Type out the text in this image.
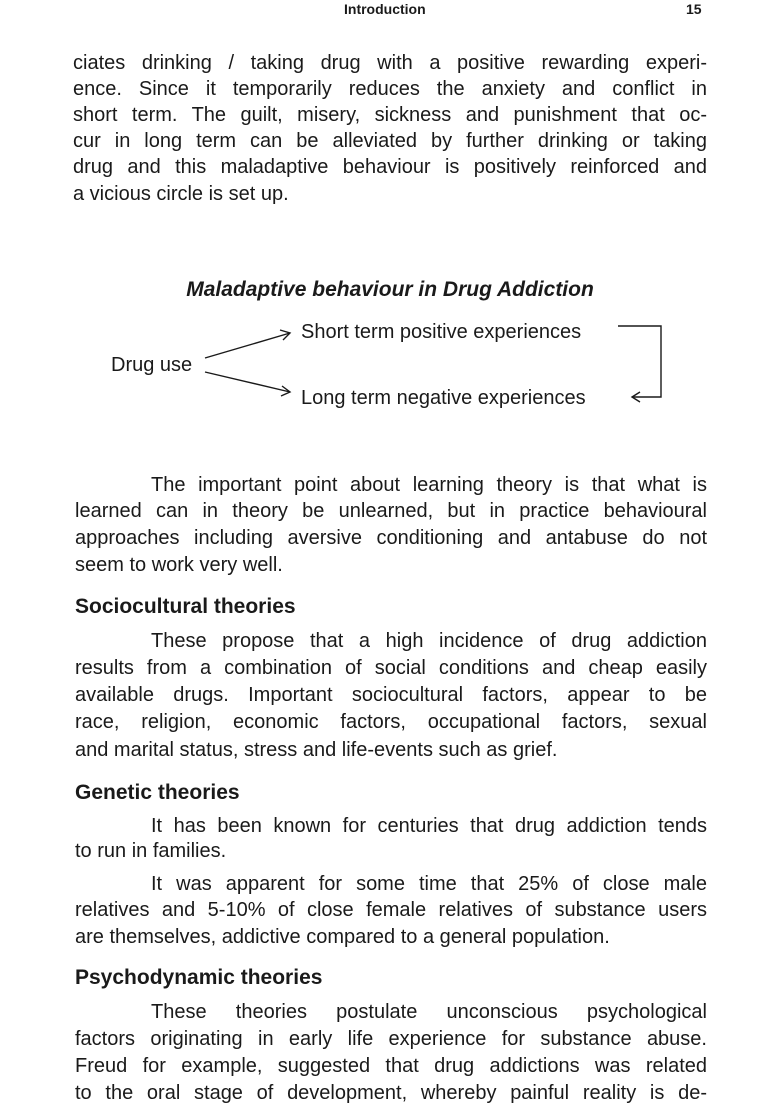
Introduction	15
ciates drinking / taking drug with a positive rewarding experi-
ence. Since it temporarily reduces the anxiety and conflict in
short term. The guilt, misery, sickness and punishment that oc-
cur in long term can be alleviated by further drinking or taking
drug and this maladaptive behaviour is positively reinforced and
a vicious circle is set up.
Maladaptive behaviour in Drug Addiction
Drug use
Short term positive experiences
Long term negative experiences
The important point about learning theory is that what is
learned can in theory be unlearned, but in practice behavioural
approaches including aversive conditioning and antabuse do not
seem to work very well.
Sociocultural theories
These propose that a high incidence of drug addiction
results from a combination of social conditions and cheap easily
available drugs. Important sociocultural factors, appear to be
race, religion, economic factors, occupational factors, sexual
and marital status, stress and life-events such as grief.
Genetic theories
It has been known for centuries that drug addiction tends
to run in families.
It was apparent for some time that 25% of close male
relatives and 5-10% of close female relatives of substance users
are themselves, addictive compared to a general population.
Psychodynamic theories
These theories postulate unconscious psychological
factors originating in early life experience for substance abuse.
Freud for example, suggested that drug addictions was related
to the oral stage of development, whereby painful reality is de-
